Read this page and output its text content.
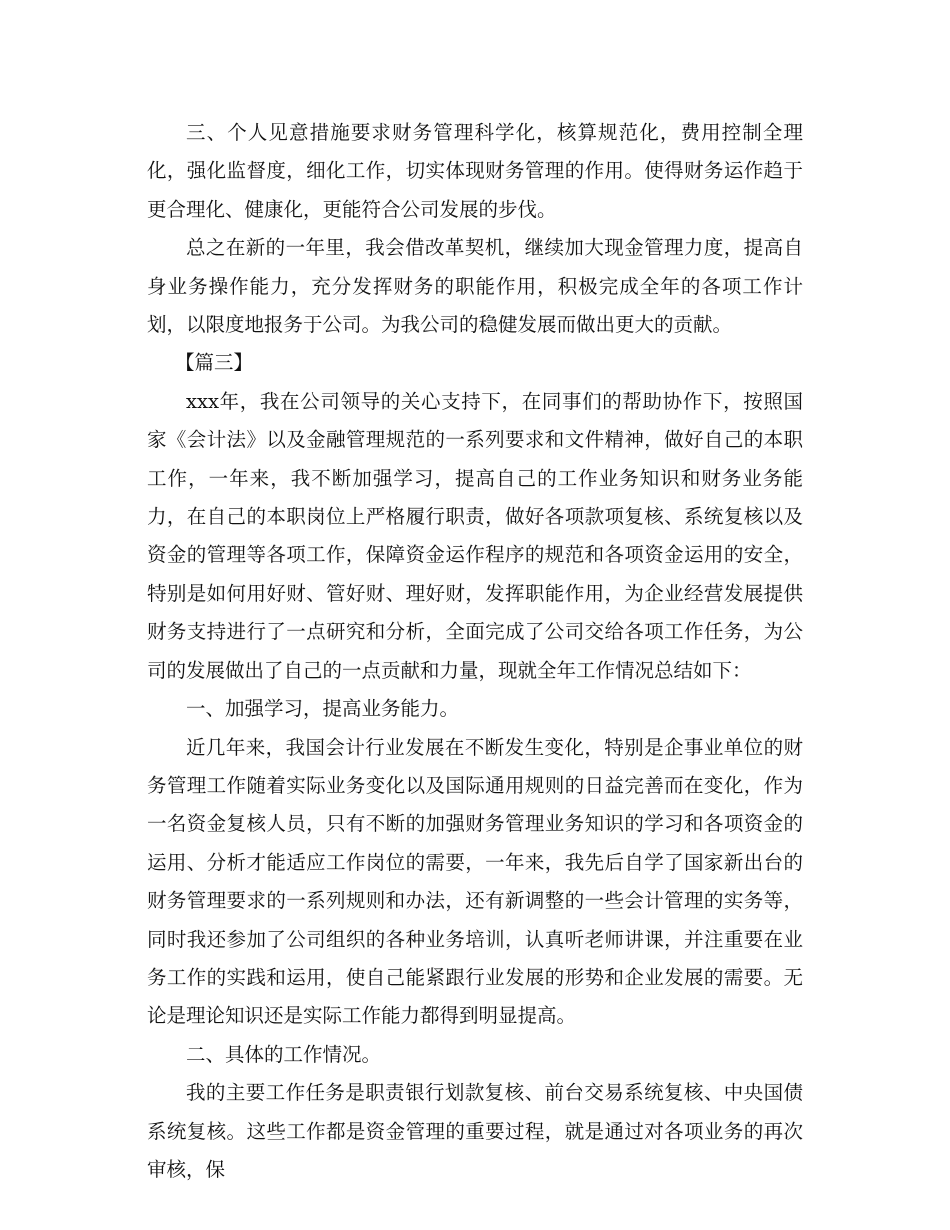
三、个人见意措施要求财务管理科学化，核算规范化，费用控制全理化，强化监督度，细化工作，切实体现财务管理的作用。使得财务运作趋于更合理化、健康化，更能符合公司发展的步伐。

总之在新的一年里，我会借改革契机，继续加大现金管理力度，提高自身业务操作能力，充分发挥财务的职能作用，积极完成全年的各项工作计划，以限度地报务于公司。为我公司的稳健发展而做出更大的贡献。

【篇三】

xxx年，我在公司领导的关心支持下，在同事们的帮助协作下，按照国家《会计法》以及金融管理规范的一系列要求和文件精神，做好自己的本职工作，一年来，我不断加强学习，提高自己的工作业务知识和财务业务能力，在自己的本职岗位上严格履行职责，做好各项款项复核、系统复核以及资金的管理等各项工作，保障资金运作程序的规范和各项资金运用的安全，特别是如何用好财、管好财、理好财，发挥职能作用，为企业经营发展提供财务支持进行了一点研究和分析，全面完成了公司交给各项工作任务，为公司的发展做出了自己的一点贡献和力量，现就全年工作情况总结如下：

一、加强学习，提高业务能力。

近几年来，我国会计行业发展在不断发生变化，特别是企事业单位的财务管理工作随着实际业务变化以及国际通用规则的日益完善而在变化，作为一名资金复核人员，只有不断的加强财务管理业务知识的学习和各项资金的运用、分析才能适应工作岗位的需要，一年来，我先后自学了国家新出台的财务管理要求的一系列规则和办法，还有新调整的一些会计管理的实务等，同时我还参加了公司组织的各种业务培训，认真听老师讲课，并注重要在业务工作的实践和运用，使自己能紧跟行业发展的形势和企业发展的需要。无论是理论知识还是实际工作能力都得到明显提高。

二、具体的工作情况。

我的主要工作任务是职责银行划款复核、前台交易系统复核、中央国债系统复核。这些工作都是资金管理的重要过程，就是通过对各项业务的再次审核，保
